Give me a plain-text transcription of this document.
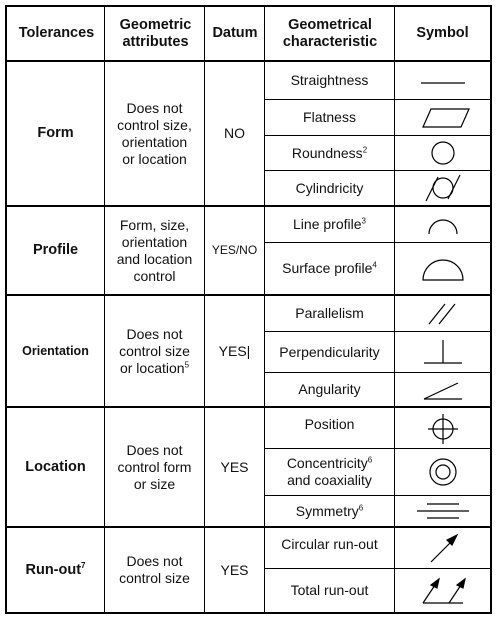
Tolerances
Geometric attributes
Datum
Geometrical characteristic
Symbol
Form
Does not control size, orientation or location
NO
Straightness
Flatness
Roundness$^2$
Cylindricity
Profile
Form, size, orientation and location control
YES/NO
Line profile$^3$
Surface profile$^4$
Orientation
Does not control size or location$^5$
YES|
Parallelism
Perpendicularity
Angularity
Location
Does not control form or size
YES
Position
Concentricity$^6$
and coaxiality
Symmetry$^6$
Run-out$^7$	Does not control size
YES
Circular run-out
Total run-out
